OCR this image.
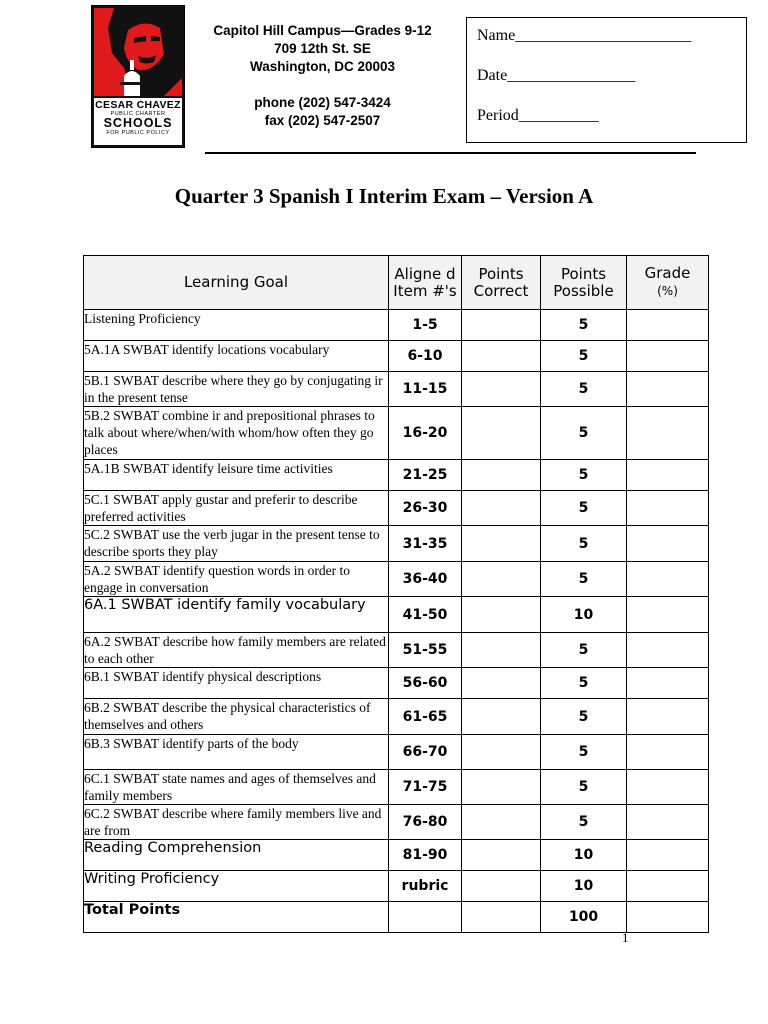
CESAR CHAVEZ
PUBLIC CHARTER
SCHOOLS
FOR PUBLIC POLICY
Capitol Hill Campus—Grades 9-12
709 12th St. SE
Washington, DC 20003
phone (202) 547-3424
fax (202) 547-2507
Name______________________
Date________________
Period__________
Quarter 3 Spanish I Interim Exam – Version A
Learning Goal	Aligne d Item #'s	Points Correct	Points Possible	Grade
(%)
Listening Proficiency	1-5		5	
5A.1A SWBAT identify locations vocabulary	6-10		5	
5B.1 SWBAT describe where they go by conjugating ir in the present tense	11-15		5	
5B.2 SWBAT combine ir and prepositional phrases to talk about where/when/with whom/how often they go places	16-20		5	
5A.1B SWBAT identify leisure time activities	21-25		5	
5C.1 SWBAT apply gustar and preferir to describe preferred activities	26-30		5	
5C.2 SWBAT use the verb jugar in the present tense to describe sports they play	31-35		5	
5A.2 SWBAT identify question words in order to engage in conversation	36-40		5	
6A.1 SWBAT identify family vocabulary	41-50		10	
6A.2 SWBAT describe how family members are related to each other	51-55		5	
6B.1 SWBAT identify physical descriptions	56-60		5	
6B.2 SWBAT describe the physical characteristics of themselves and others	61-65		5	
6B.3 SWBAT identify parts of the body	66-70		5	
6C.1 SWBAT state names and ages of themselves and family members	71-75		5	
6C.2 SWBAT describe where family members live and are from	76-80		5	
Reading Comprehension	81-90		10	
Writing Proficiency	rubric		10	
Total Points			100	
1
